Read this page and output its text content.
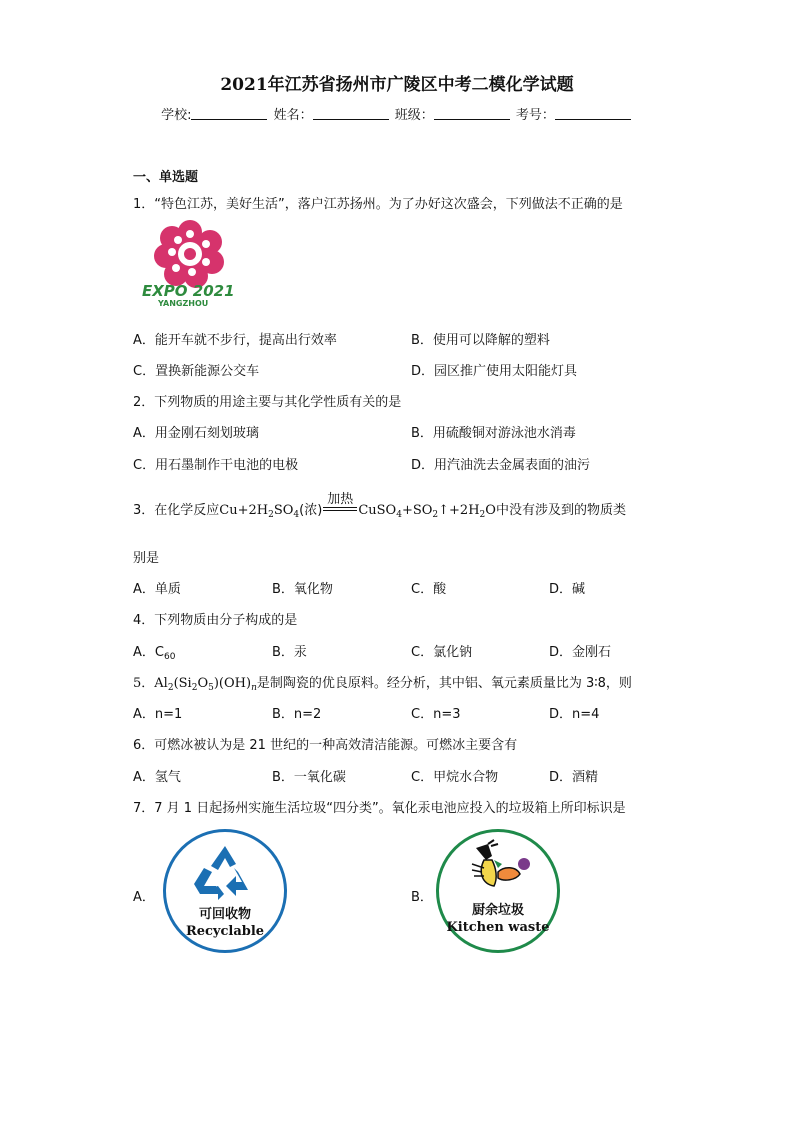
2021年江苏省扬州市广陵区中考二模化学试题
学校:	姓名：	班级：	考号：
一、单选题
1．“特色江苏，美好生活”，落户江苏扬州。为了办好这次盛会，下列做法不正确的是
EXPO 2021
YANGZHOU
A．能开车就不步行，提高出行效率	B．使用可以降解的塑料
C．置换新能源公交车	D．园区推广使用太阳能灯具
2．下列物质的用途主要与其化学性质有关的是
A．用金刚石刻划玻璃	B．用硫酸铜对游泳池水消毒
C．用石墨制作干电池的电极	D．用汽油洗去金属表面的油污
3．在化学反应$Cu+2H_2SO_4$(浓)
加热
$CuSO_4+SO_2↑+2H_2O$中没有涉及到的物质类
别是
A．单质	B．氧化物	C．酸	D．碱
4．下列物质由分子构成的是
A．$C_{60}$	B．汞	C．氯化钠	D．金刚石
5．$Al_2(Si_2O_5)(OH)_n$是制陶瓷的优良原料。经分析，其中铝、氧元素质量比为 3∶8，则
A．n=1	B．n=2	C．n=3	D．n=4
6．可燃冰被认为是 21 世纪的一种高效清洁能源。可燃冰主要含有
A．氢气	B．一氧化碳	C．甲烷水合物	D．酒精
7．7 月 1 日起扬州实施生活垃圾“四分类”。氧化汞电池应投入的垃圾箱上所印标识是
A．
可回收物
Recyclable
B．
厨余垃圾
Kitchen waste
